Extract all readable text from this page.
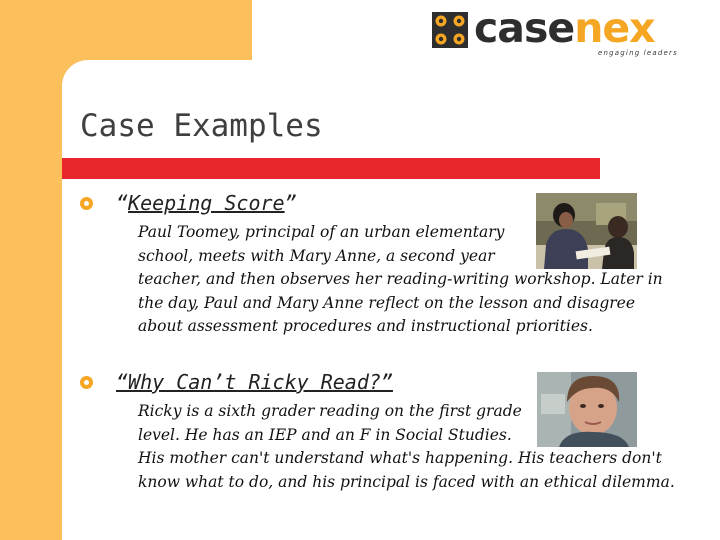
casenex
engaging leaders
Case Examples
“Keeping Score”
Paul Toomey, principal of an urban elementary
school, meets with Mary Anne, a second year
teacher, and then observes her reading-writing workshop. Later in
the day, Paul and Mary Anne reflect on the lesson and disagree
about assessment procedures and instructional priorities.
“Why Can’t Ricky Read?”
Ricky is a sixth grader reading on the first grade
level. He has an IEP and an F in Social Studies.
His mother can't understand what's happening. His teachers don't
know what to do, and his principal is faced with an ethical dilemma.
